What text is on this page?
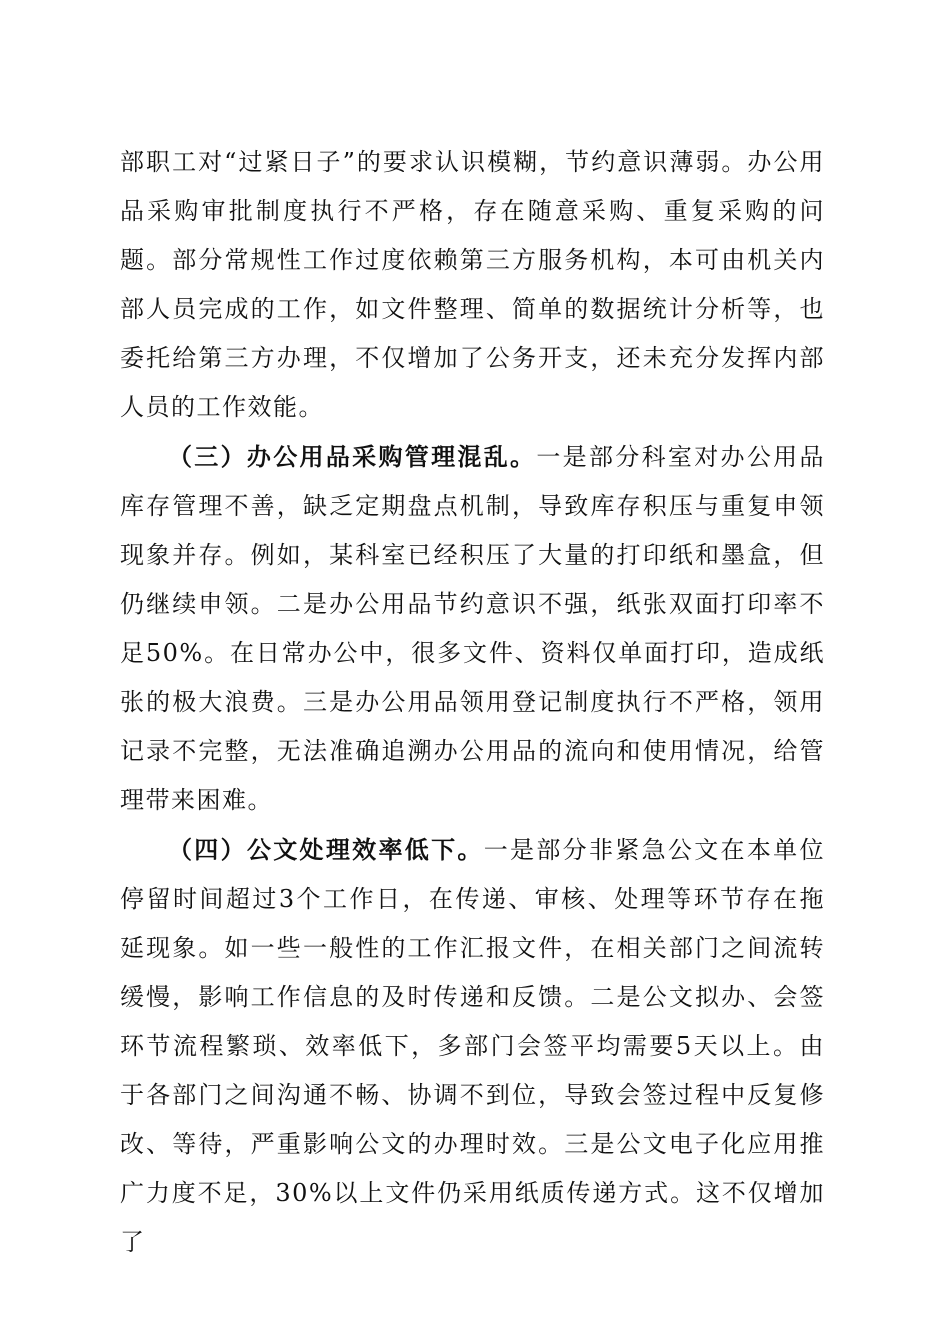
部职工对“过紧日子”的要求认识模糊，节约意识薄弱。办公用品采购审批制度执行不严格，存在随意采购、重复采购的问题。部分常规性工作过度依赖第三方服务机构，本可由机关内部人员完成的工作，如文件整理、简单的数据统计分析等，也委托给第三方办理，不仅增加了公务开支，还未充分发挥内部人员的工作效能。

（三）办公用品采购管理混乱。一是部分科室对办公用品库存管理不善，缺乏定期盘点机制，导致库存积压与重复申领现象并存。例如，某科室已经积压了大量的打印纸和墨盒，但仍继续申领。二是办公用品节约意识不强，纸张双面打印率不足50%。在日常办公中，很多文件、资料仅单面打印，造成纸张的极大浪费。三是办公用品领用登记制度执行不严格，领用记录不完整，无法准确追溯办公用品的流向和使用情况，给管理带来困难。

（四）公文处理效率低下。一是部分非紧急公文在本单位停留时间超过3个工作日，在传递、审核、处理等环节存在拖延现象。如一些一般性的工作汇报文件，在相关部门之间流转缓慢，影响工作信息的及时传递和反馈。二是公文拟办、会签环节流程繁琐、效率低下，多部门会签平均需要5天以上。由于各部门之间沟通不畅、协调不到位，导致会签过程中反复修改、等待，严重影响公文的办理时效。三是公文电子化应用推广力度不足，30%以上文件仍采用纸质传递方式。这不仅增加了
